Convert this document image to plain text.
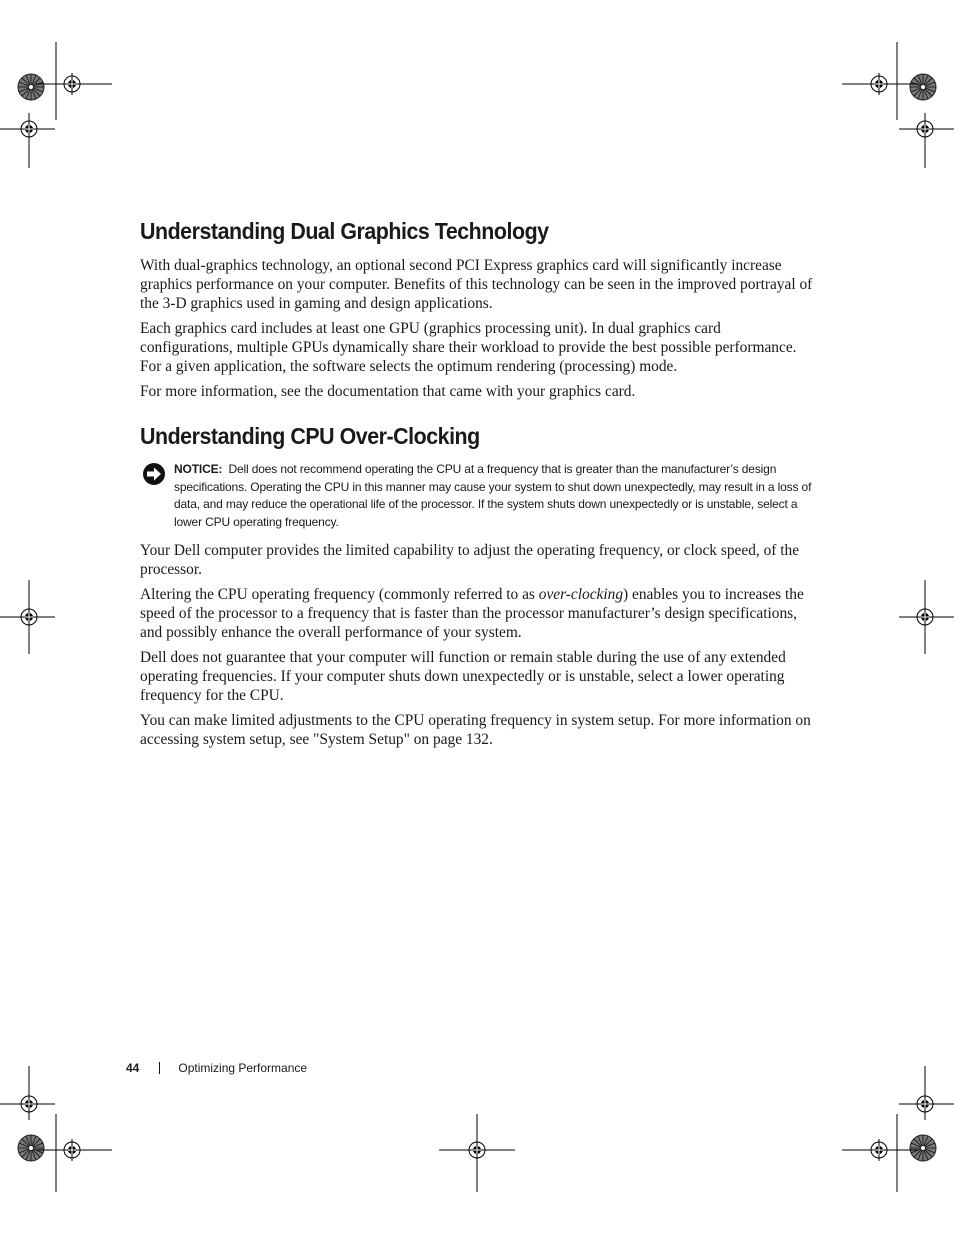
Understanding Dual Graphics Technology

With dual-graphics technology, an optional second PCI Express graphics card will significantly increase graphics performance on your computer. Benefits of this technology can be seen in the improved portrayal of the 3-D graphics used in gaming and design applications.

Each graphics card includes at least one GPU (graphics processing unit). In dual graphics card configurations, multiple GPUs dynamically share their workload to provide the best possible performance. For a given application, the software selects the optimum rendering (processing) mode.

For more information, see the documentation that came with your graphics card.

Understanding CPU Over-Clocking
NOTICE: Dell does not recommend operating the CPU at a frequency that is greater than the manufacturer’s design specifications. Operating the CPU in this manner may cause your system to shut down unexpectedly, may result in a loss of data, and may reduce the operational life of the processor. If the system shuts down unexpectedly or is unstable, select a lower CPU operating frequency.

Your Dell computer provides the limited capability to adjust the operating frequency, or clock speed, of the processor.

Altering the CPU operating frequency (commonly referred to as over-clocking) enables you to increases the speed of the processor to a frequency that is faster than the processor manufacturer’s design specifications, and possibly enhance the overall performance of your system.

Dell does not guarantee that your computer will function or remain stable during the use of any extended operating frequencies. If your computer shuts down unexpectedly or is unstable, select a lower operating frequency for the CPU.

You can make limited adjustments to the CPU operating frequency in system setup. For more information on accessing system setup, see "System Setup" on page 132.

44	Optimizing Performance
